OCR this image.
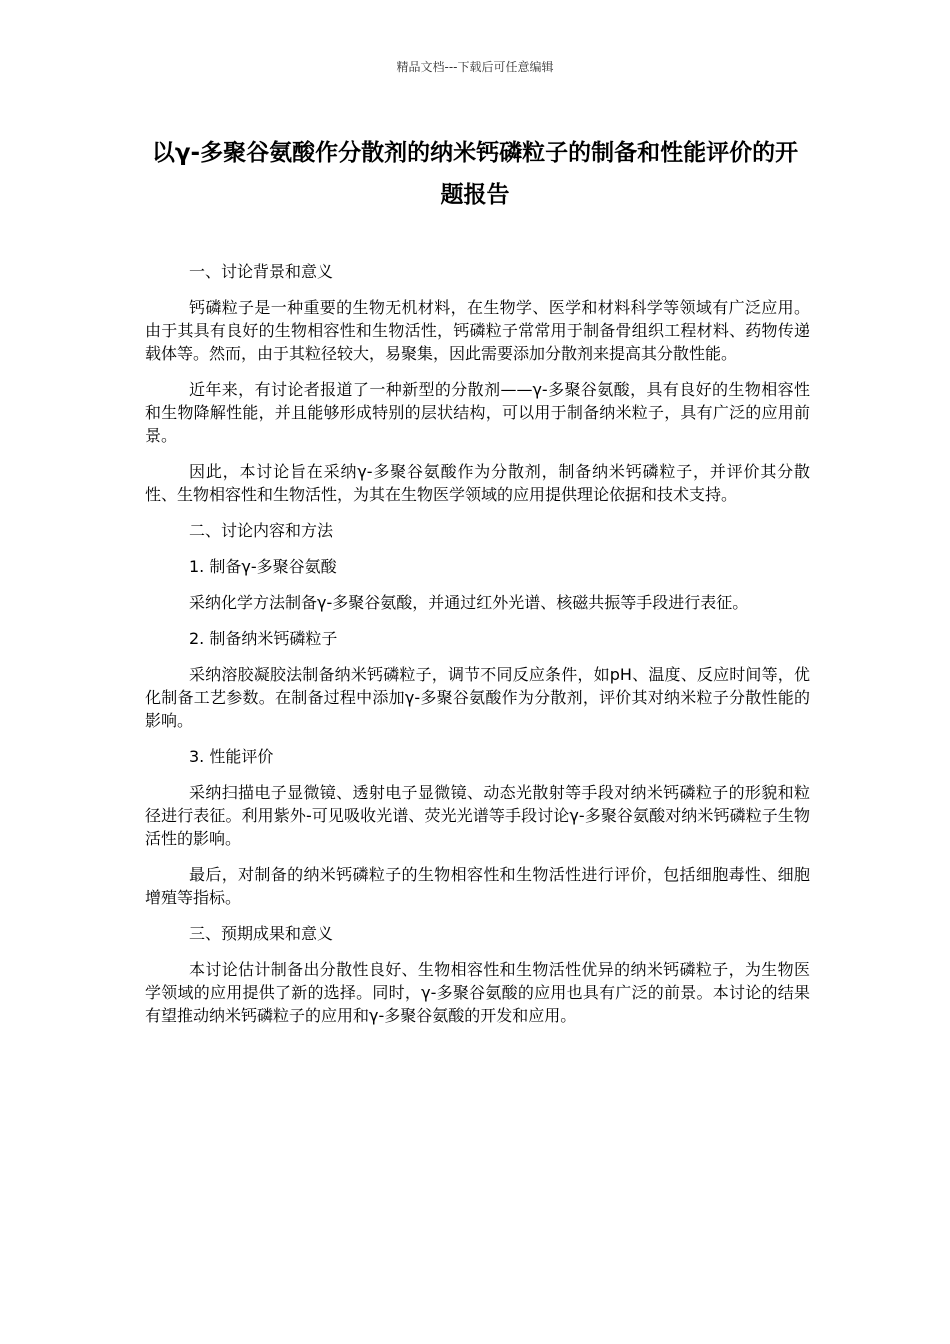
精品文档---下载后可任意编辑
以γ-多聚谷氨酸作分散剂的纳米钙磷粒子的制备和性能评价的开题报告

一、讨论背景和意义

钙磷粒子是一种重要的生物无机材料，在生物学、医学和材料科学等领域有广泛应用。由于其具有良好的生物相容性和生物活性，钙磷粒子常常用于制备骨组织工程材料、药物传递载体等。然而，由于其粒径较大，易聚集，因此需要添加分散剂来提高其分散性能。

近年来，有讨论者报道了一种新型的分散剂——γ-多聚谷氨酸，具有良好的生物相容性和生物降解性能，并且能够形成特别的层状结构，可以用于制备纳米粒子，具有广泛的应用前景。

因此，本讨论旨在采纳γ-多聚谷氨酸作为分散剂，制备纳米钙磷粒子，并评价其分散性、生物相容性和生物活性，为其在生物医学领域的应用提供理论依据和技术支持。

二、讨论内容和方法

1. 制备γ-多聚谷氨酸

采纳化学方法制备γ-多聚谷氨酸，并通过红外光谱、核磁共振等手段进行表征。

2. 制备纳米钙磷粒子

采纳溶胶凝胶法制备纳米钙磷粒子，调节不同反应条件，如pH、温度、反应时间等，优化制备工艺参数。在制备过程中添加γ-多聚谷氨酸作为分散剂，评价其对纳米粒子分散性能的影响。

3. 性能评价

采纳扫描电子显微镜、透射电子显微镜、动态光散射等手段对纳米钙磷粒子的形貌和粒径进行表征。利用紫外-可见吸收光谱、荧光光谱等手段讨论γ-多聚谷氨酸对纳米钙磷粒子生物活性的影响。

最后，对制备的纳米钙磷粒子的生物相容性和生物活性进行评价，包括细胞毒性、细胞增殖等指标。

三、预期成果和意义

本讨论估计制备出分散性良好、生物相容性和生物活性优异的纳米钙磷粒子，为生物医学领域的应用提供了新的选择。同时，γ-多聚谷氨酸的应用也具有广泛的前景。本讨论的结果有望推动纳米钙磷粒子的应用和γ-多聚谷氨酸的开发和应用。
